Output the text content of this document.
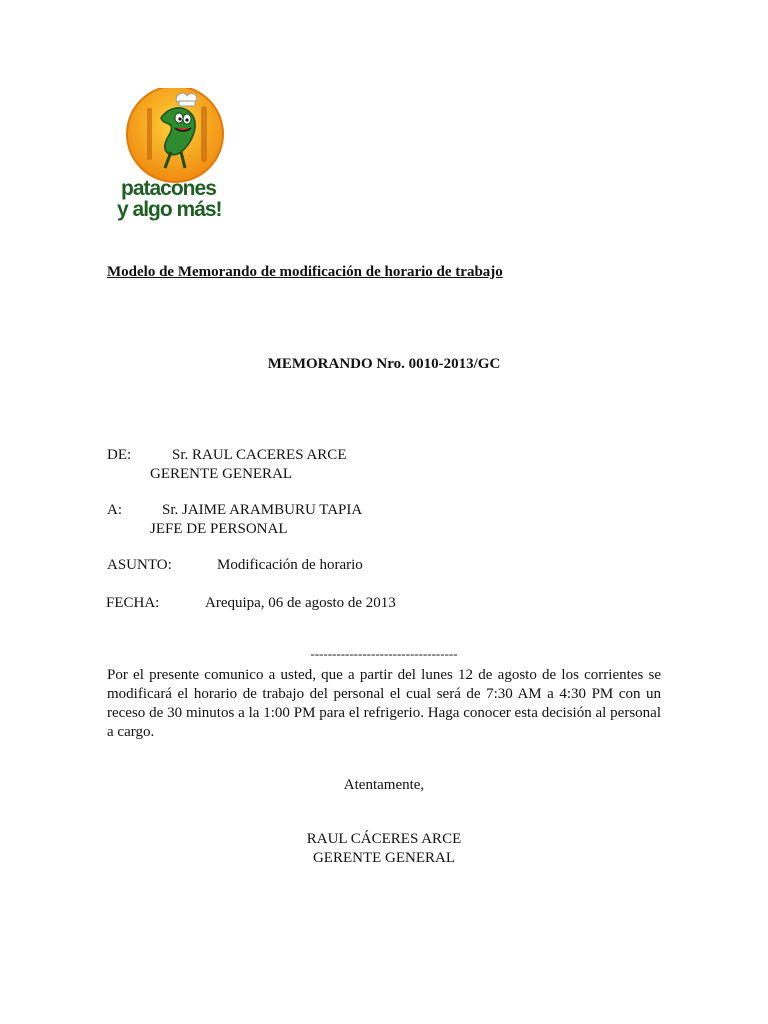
patacones
y algo más!
Modelo de Memorando de modificación de horario de trabajo
MEMORANDO Nro. 0010-2013/GC
DE:	Sr. RAUL CACERES ARCE
GERENTE GENERAL
A:	Sr. JAIME ARAMBURU TAPIA
JEFE DE PERSONAL
ASUNTO:	Modificación de horario
FECHA:	Arequipa, 06 de agosto de 2013
----------------------------------
Por el presente comunico a usted, que a partir del lunes 12 de agosto de los corrientes se modificará el horario de trabajo del personal el cual será de 7:30 AM a 4:30 PM con un receso de 30 minutos a la 1:00 PM para el refrigerio. Haga conocer esta decisión al personal a cargo.
Atentamente,
RAUL CÁCERES ARCE
GERENTE GENERAL
